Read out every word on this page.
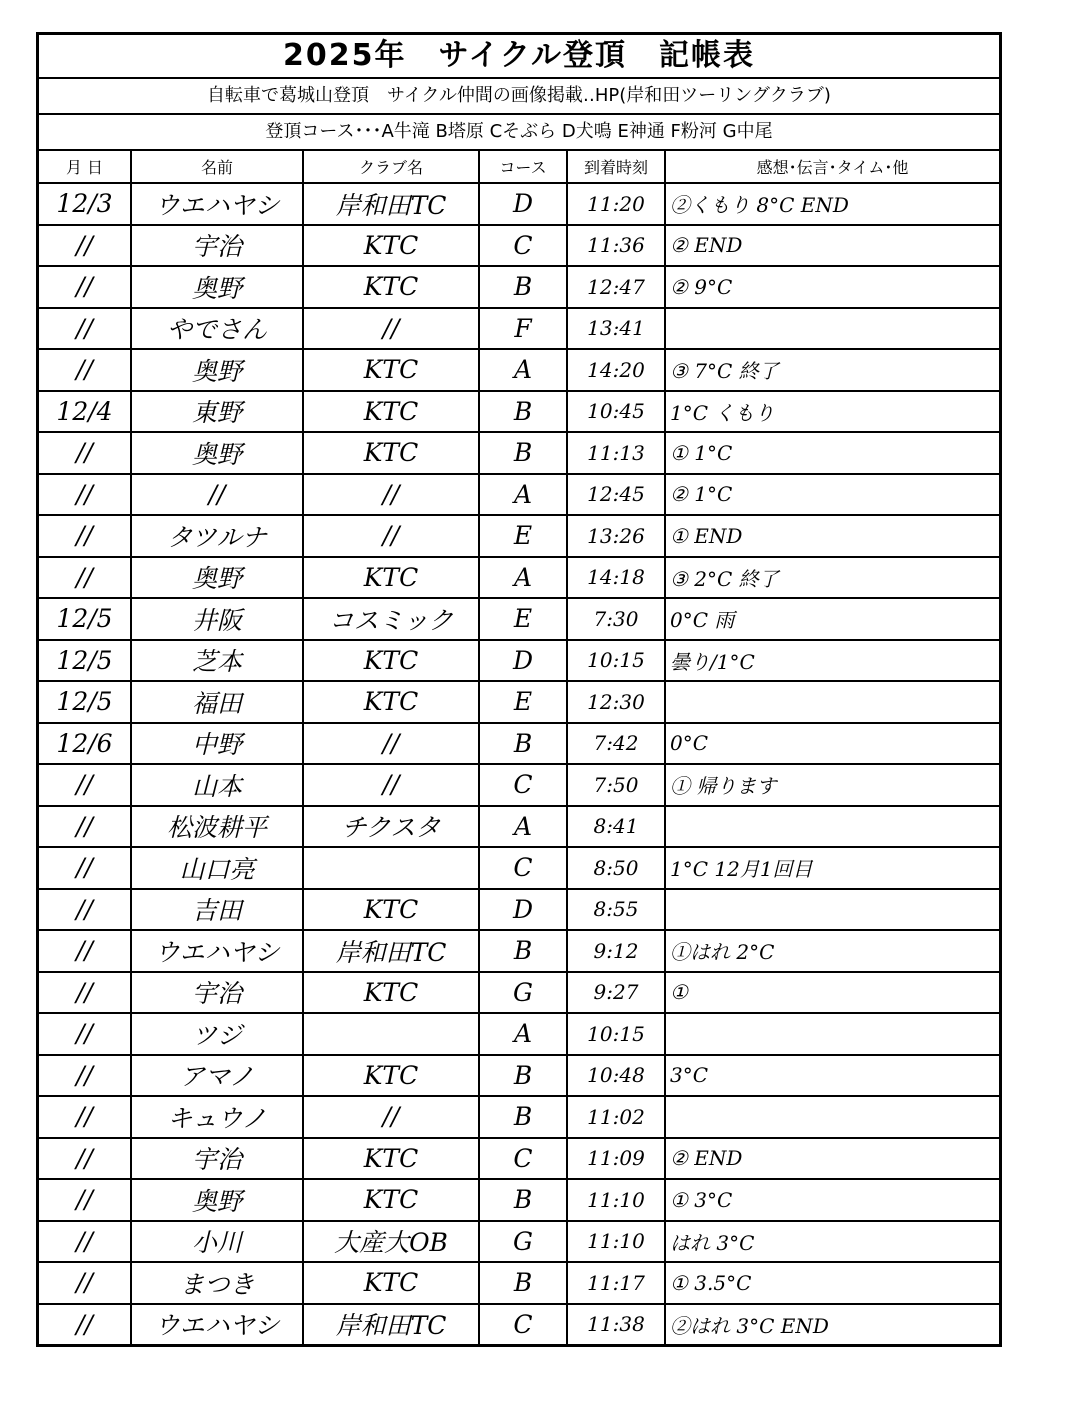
2025年　サイクル登頂　記帳表
自転車で葛城山登頂　サイクル仲間の画像掲載‥HP(岸和田ツーリングクラブ)
登頂コース･･･A牛滝 B塔原 Cそぶら D犬鳴 E神通 F粉河 G中尾
月 日	名前	クラブ名	コース	到着時刻	感想･伝言･タイム･他
12/3	ウエハヤシ	岸和田TC	D	11:20	②くもり 8°C END
//	宇治	KTC	C	11:36	② END
//	奥野	KTC	B	12:47	② 9°C
//	やでさん	//	F	13:41	
//	奥野	KTC	A	14:20	③ 7°C 終了
12/4	東野	KTC	B	10:45	1°C くもり
//	奥野	KTC	B	11:13	① 1°C
//	//	//	A	12:45	② 1°C
//	タツルナ	//	E	13:26	① END
//	奥野	KTC	A	14:18	③ 2°C 終了
12/5	井阪	コスミック	E	7:30	0°C 雨
12/5	芝本	KTC	D	10:15	曇り/1°C
12/5	福田	KTC	E	12:30	
12/6	中野	//	B	7:42	0°C
//	山本	//	C	7:50	① 帰ります
//	松波耕平	チクスタ	A	8:41	
//	山口亮		C	8:50	1°C 12月1回目
//	吉田	KTC	D	8:55	
//	ウエハヤシ	岸和田TC	B	9:12	①はれ 2°C
//	宇治	KTC	G	9:27	①
//	ツジ		A	10:15	
//	アマノ	KTC	B	10:48	3°C
//	キュウノ	//	B	11:02	
//	宇治	KTC	C	11:09	② END
//	奥野	KTC	B	11:10	① 3°C
//	小川	大産大OB	G	11:10	はれ 3°C
//	まつき	KTC	B	11:17	① 3.5°C
//	ウエハヤシ	岸和田TC	C	11:38	②はれ 3°C END
